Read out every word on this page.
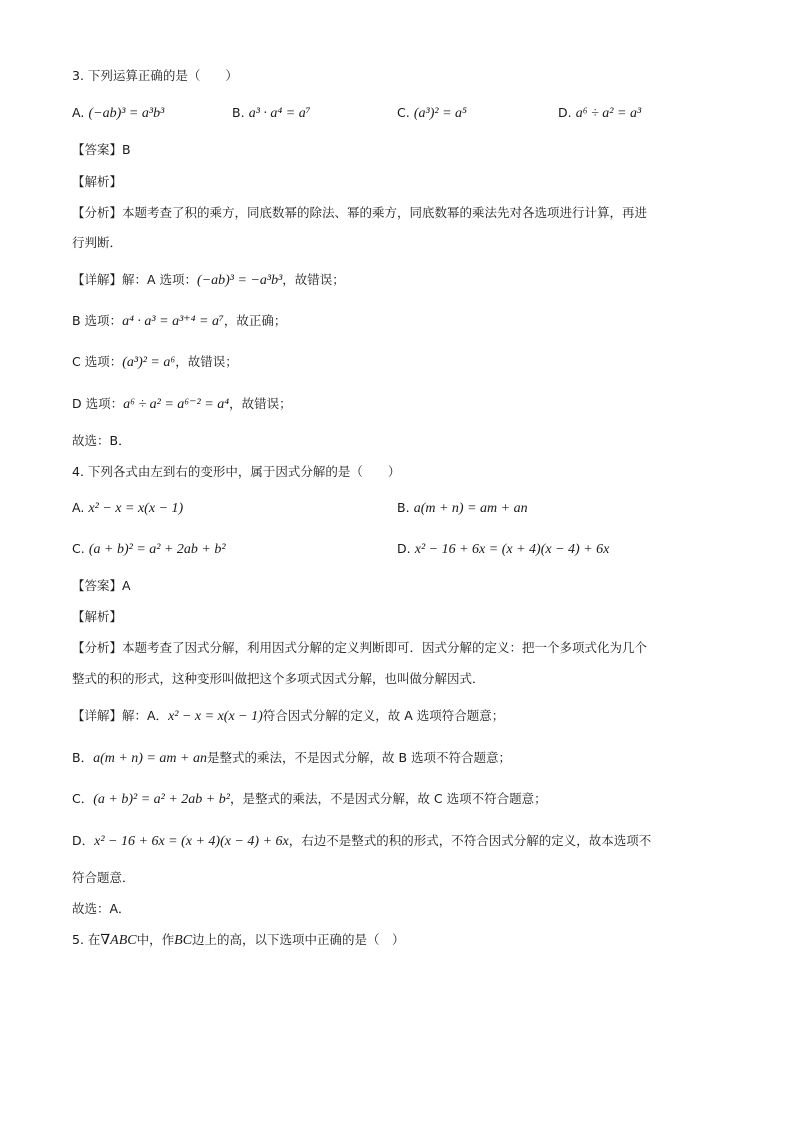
3. 下列运算正确的是（　　）
A. (−ab)³ = a³b³	B. a³ · a⁴ = a⁷	C. (a³)² = a⁵	D. a⁶ ÷ a² = a³
【答案】B
【解析】
【分析】本题考查了积的乘方，同底数幂的除法、幂的乘方，同底数幂的乘法先对各选项进行计算，再进
行判断．
【详解】解：A 选项：(−ab)³ = −a³b³，故错误；
B 选项：a⁴ · a³ = a³⁺⁴ = a⁷，故正确；
C 选项：(a³)² = a⁶，故错误；
D 选项：a⁶ ÷ a² = a⁶⁻² = a⁴，故错误；
故选：B．
4. 下列各式由左到右的变形中，属于因式分解的是（　　）
A. x² − x = x(x − 1)	B. a(m + n) = am + an
C. (a + b)² = a² + 2ab + b²	D. x² − 16 + 6x = (x + 4)(x − 4) + 6x
【答案】A
【解析】
【分析】本题考查了因式分解，利用因式分解的定义判断即可．因式分解的定义：把一个多项式化为几个
整式的积的形式，这种变形叫做把这个多项式因式分解，也叫做分解因式．
【详解】解：A．x² − x = x(x − 1)符合因式分解的定义，故 A 选项符合题意；
B．a(m + n) = am + an是整式的乘法，不是因式分解，故 B 选项不符合题意；
C．(a + b)² = a² + 2ab + b²，是整式的乘法，不是因式分解，故 C 选项不符合题意；
D．x² − 16 + 6x = (x + 4)(x − 4) + 6x，右边不是整式的积的形式，不符合因式分解的定义，故本选项不
符合题意．
故选：A．
5. 在∇ABC中，作BC边上的高，以下选项中正确的是（　）
